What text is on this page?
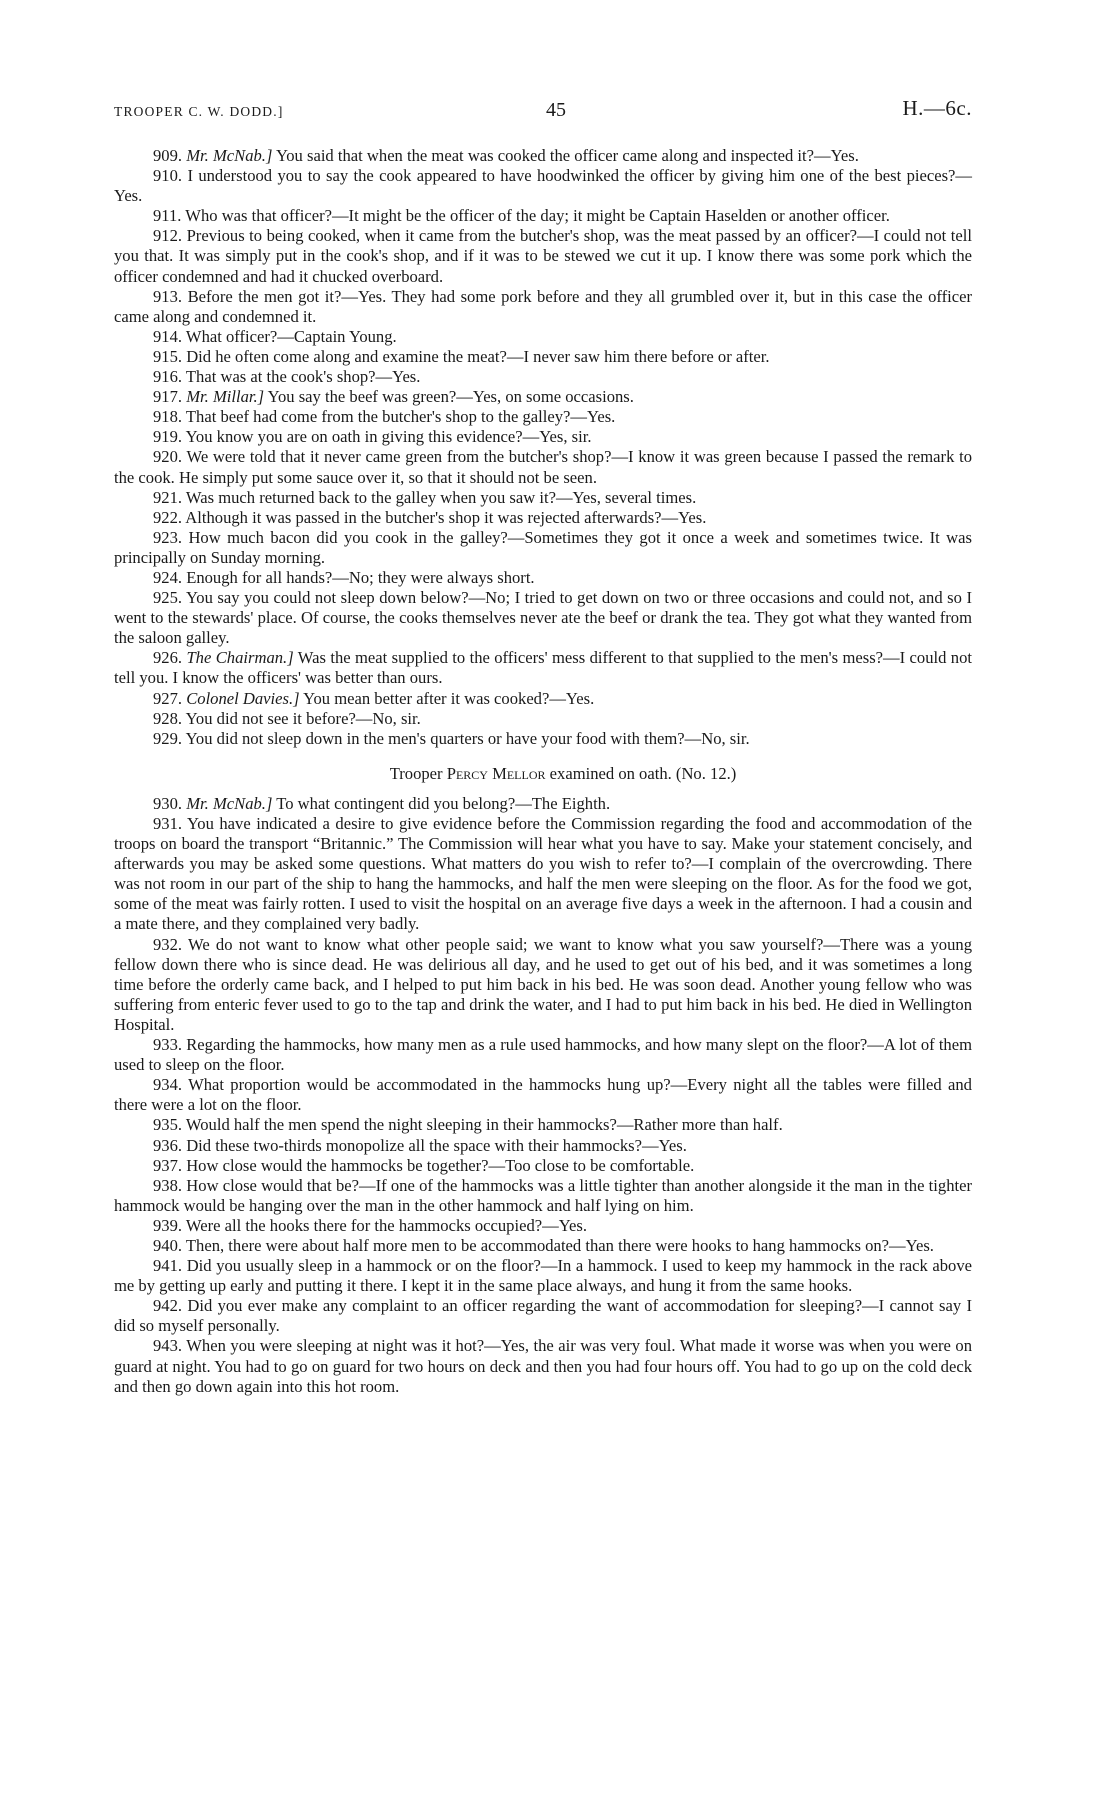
TROOPER C. W. DODD.]	45	H.—6c.

909. Mr. McNab.] You said that when the meat was cooked the officer came along and inspected it?—Yes.

910. I understood you to say the cook appeared to have hoodwinked the officer by giving him one of the best pieces?—Yes.

911. Who was that officer?—It might be the officer of the day; it might be Captain Haselden or another officer.

912. Previous to being cooked, when it came from the butcher's shop, was the meat passed by an officer?—I could not tell you that. It was simply put in the cook's shop, and if it was to be stewed we cut it up. I know there was some pork which the officer condemned and had it chucked overboard.

913. Before the men got it?—Yes. They had some pork before and they all grumbled over it, but in this case the officer came along and condemned it.

914. What officer?—Captain Young.

915. Did he often come along and examine the meat?—I never saw him there before or after.

916. That was at the cook's shop?—Yes.

917. Mr. Millar.] You say the beef was green?—Yes, on some occasions.

918. That beef had come from the butcher's shop to the galley?—Yes.

919. You know you are on oath in giving this evidence?—Yes, sir.

920. We were told that it never came green from the butcher's shop?—I know it was green because I passed the remark to the cook. He simply put some sauce over it, so that it should not be seen.

921. Was much returned back to the galley when you saw it?—Yes, several times.

922. Although it was passed in the butcher's shop it was rejected afterwards?—Yes.

923. How much bacon did you cook in the galley?—Sometimes they got it once a week and sometimes twice. It was principally on Sunday morning.

924. Enough for all hands?—No; they were always short.

925. You say you could not sleep down below?—No; I tried to get down on two or three occasions and could not, and so I went to the stewards' place. Of course, the cooks themselves never ate the beef or drank the tea. They got what they wanted from the saloon galley.

926. The Chairman.] Was the meat supplied to the officers' mess different to that supplied to the men's mess?—I could not tell you. I know the officers' was better than ours.

927. Colonel Davies.] You mean better after it was cooked?—Yes.

928. You did not see it before?—No, sir.

929. You did not sleep down in the men's quarters or have your food with them?—No, sir.

Trooper Percy Mellor examined on oath. (No. 12.)

930. Mr. McNab.] To what contingent did you belong?—The Eighth.

931. You have indicated a desire to give evidence before the Commission regarding the food and accommodation of the troops on board the transport “Britannic.” The Commission will hear what you have to say. Make your statement concisely, and afterwards you may be asked some questions. What matters do you wish to refer to?—I complain of the overcrowding. There was not room in our part of the ship to hang the hammocks, and half the men were sleeping on the floor. As for the food we got, some of the meat was fairly rotten. I used to visit the hospital on an average five days a week in the afternoon. I had a cousin and a mate there, and they complained very badly.

932. We do not want to know what other people said; we want to know what you saw yourself?—There was a young fellow down there who is since dead. He was delirious all day, and he used to get out of his bed, and it was sometimes a long time before the orderly came back, and I helped to put him back in his bed. He was soon dead. Another young fellow who was suffering from enteric fever used to go to the tap and drink the water, and I had to put him back in his bed. He died in Wellington Hospital.

933. Regarding the hammocks, how many men as a rule used hammocks, and how many slept on the floor?—A lot of them used to sleep on the floor.

934. What proportion would be accommodated in the hammocks hung up?—Every night all the tables were filled and there were a lot on the floor.

935. Would half the men spend the night sleeping in their hammocks?—Rather more than half.

936. Did these two-thirds monopolize all the space with their hammocks?—Yes.

937. How close would the hammocks be together?—Too close to be comfortable.

938. How close would that be?—If one of the hammocks was a little tighter than another alongside it the man in the tighter hammock would be hanging over the man in the other hammock and half lying on him.

939. Were all the hooks there for the hammocks occupied?—Yes.

940. Then, there were about half more men to be accommodated than there were hooks to hang hammocks on?—Yes.

941. Did you usually sleep in a hammock or on the floor?—In a hammock. I used to keep my hammock in the rack above me by getting up early and putting it there. I kept it in the same place always, and hung it from the same hooks.

942. Did you ever make any complaint to an officer regarding the want of accommodation for sleeping?—I cannot say I did so myself personally.

943. When you were sleeping at night was it hot?—Yes, the air was very foul. What made it worse was when you were on guard at night. You had to go on guard for two hours on deck and then you had four hours off. You had to go up on the cold deck and then go down again into this hot room.
